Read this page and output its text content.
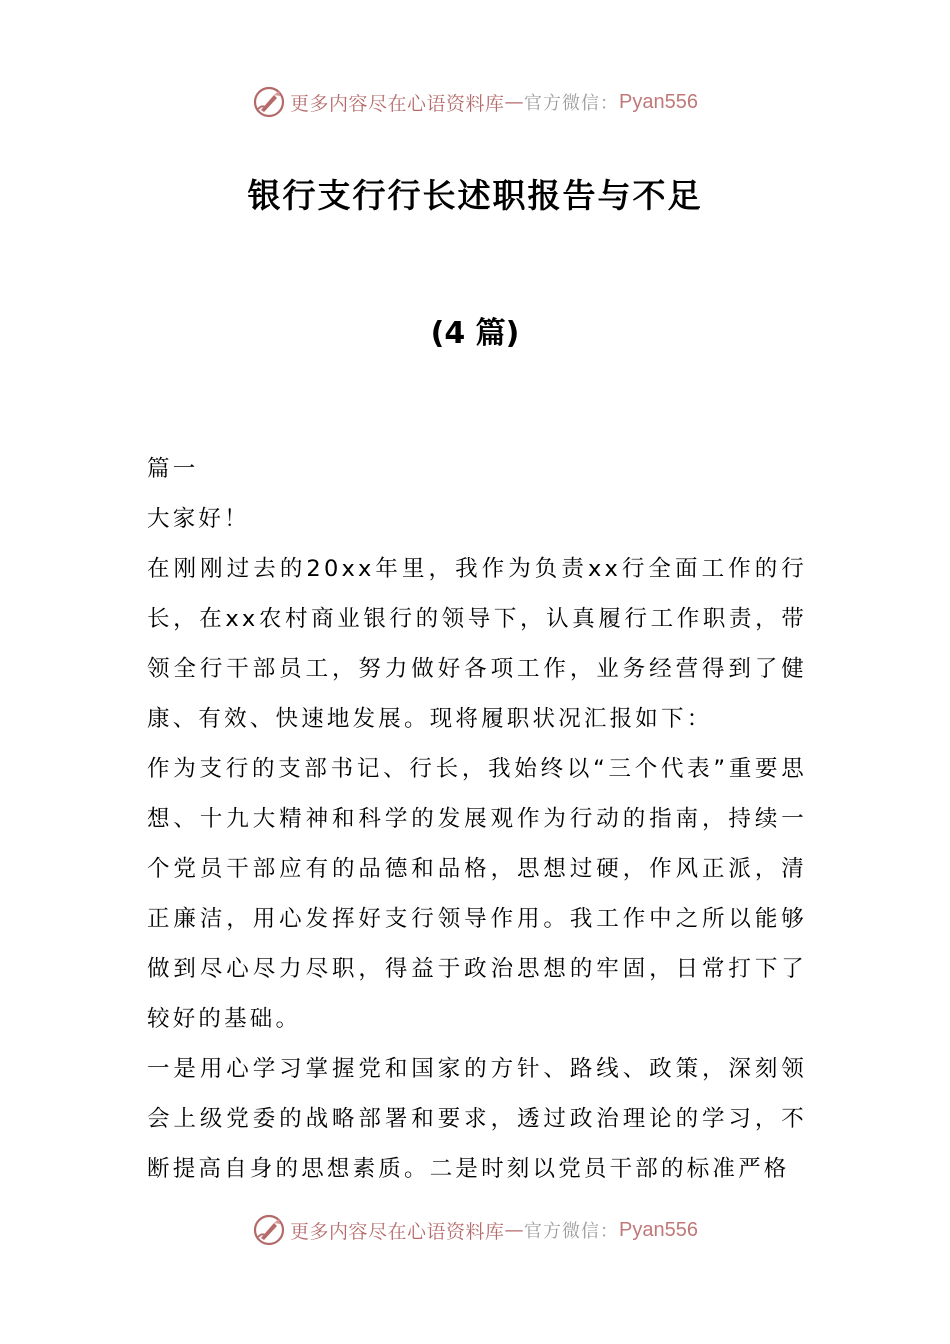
更多内容尽在心语资料库 — 官方微信： Pyan556
银行支行行长述职报告与不足
(4 篇)

篇一

大家好！

在刚刚过去的20xx年里，我作为负责xx行全面工作的行长，在xx农村商业银行的领导下，认真履行工作职责，带领全行干部员工，努力做好各项工作，业务经营得到了健康、有效、快速地发展。现将履职状况汇报如下：

作为支行的支部书记、行长，我始终以“三个代表”重要思想、十九大精神和科学的发展观作为行动的指南，持续一个党员干部应有的品德和品格，思想过硬，作风正派，清正廉洁，用心发挥好支行领导作用。我工作中之所以能够做到尽心尽力尽职，得益于政治思想的牢固，日常打下了较好的基础。

一是用心学习掌握党和国家的方针、路线、政策，深刻领会上级党委的战略部署和要求，透过政治理论的学习，不断提高自身的思想素质。二是时刻以党员干部的标准严格

更多内容尽在心语资料库 — 官方微信： Pyan556
